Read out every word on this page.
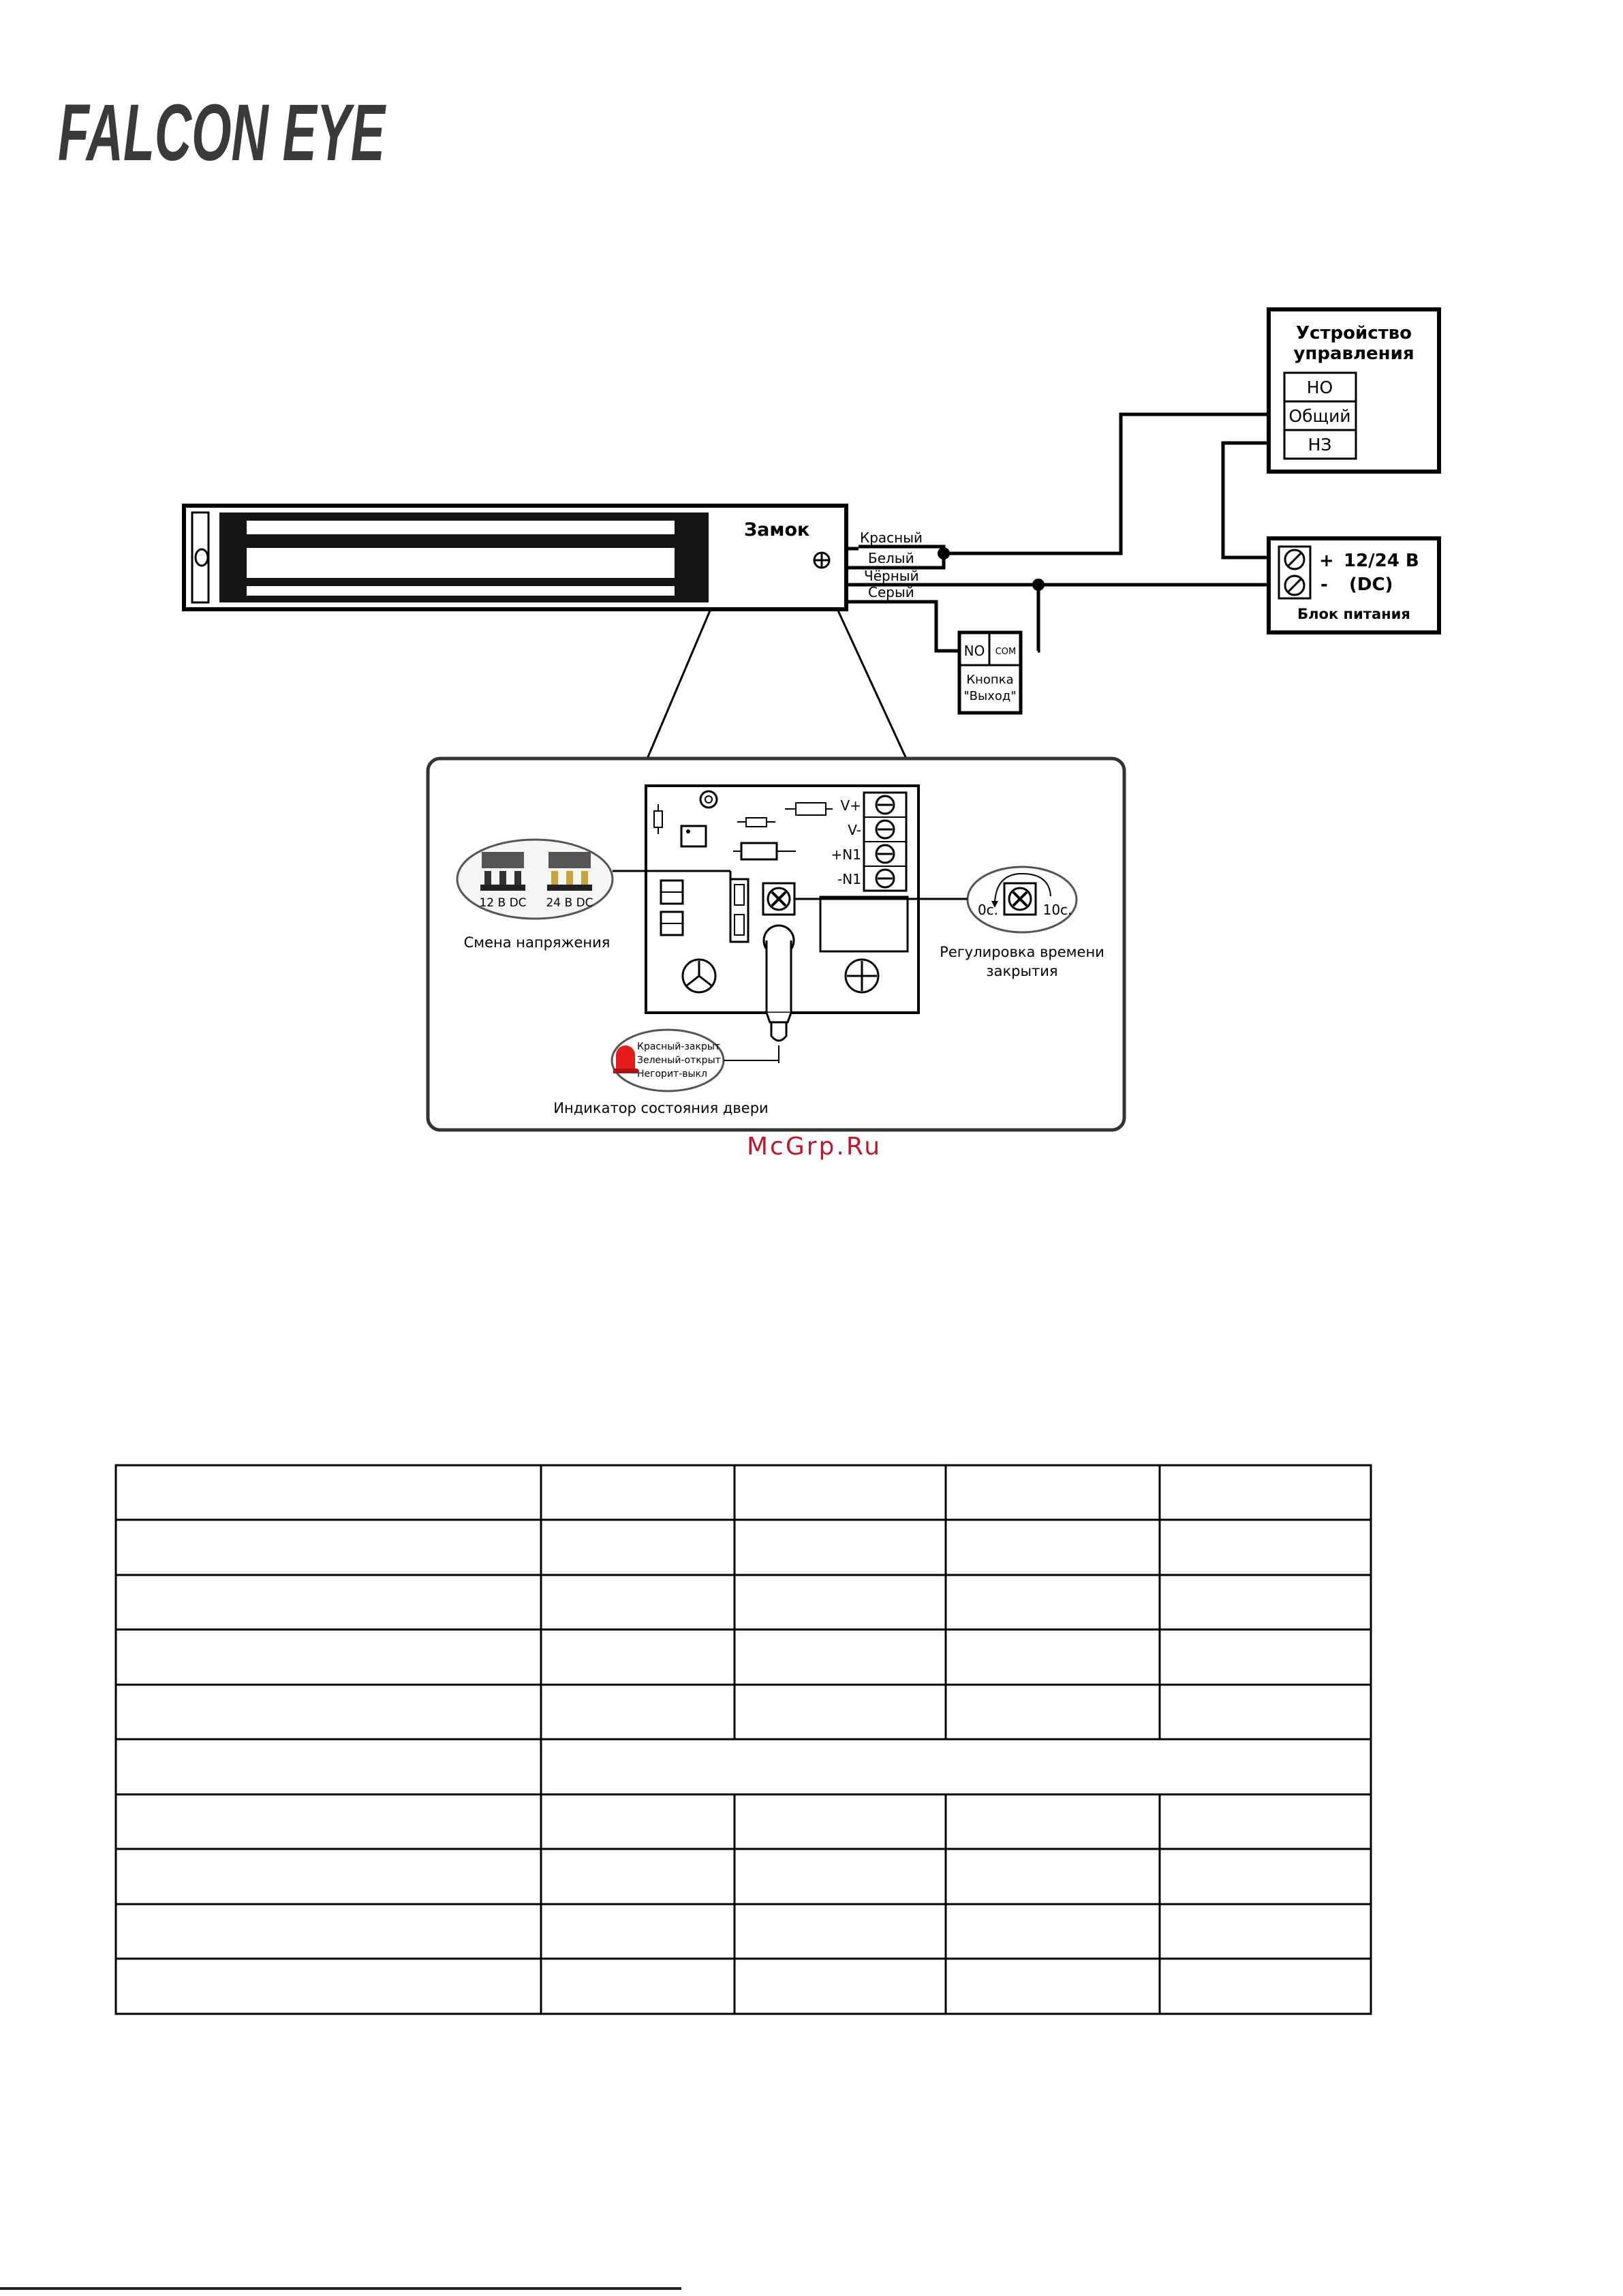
FALCON EYE
Замок	Красный
Белый
Чёрный
Серый
Устройство
управления
НО
Общий
НЗ
+
-
12/24 В
(DC)
Блок питания
NO COM
Кнопка
"Выход"
V+
V-
+N1
-N1
12 В DC 24 В DC
Смена напряжения
0с.	10с.
Регулировка времени
закрытия
Красный-закрыт
Зеленый-открыт
Негорит-выкл
Индикатор состояния двери
McGrp.Ru
